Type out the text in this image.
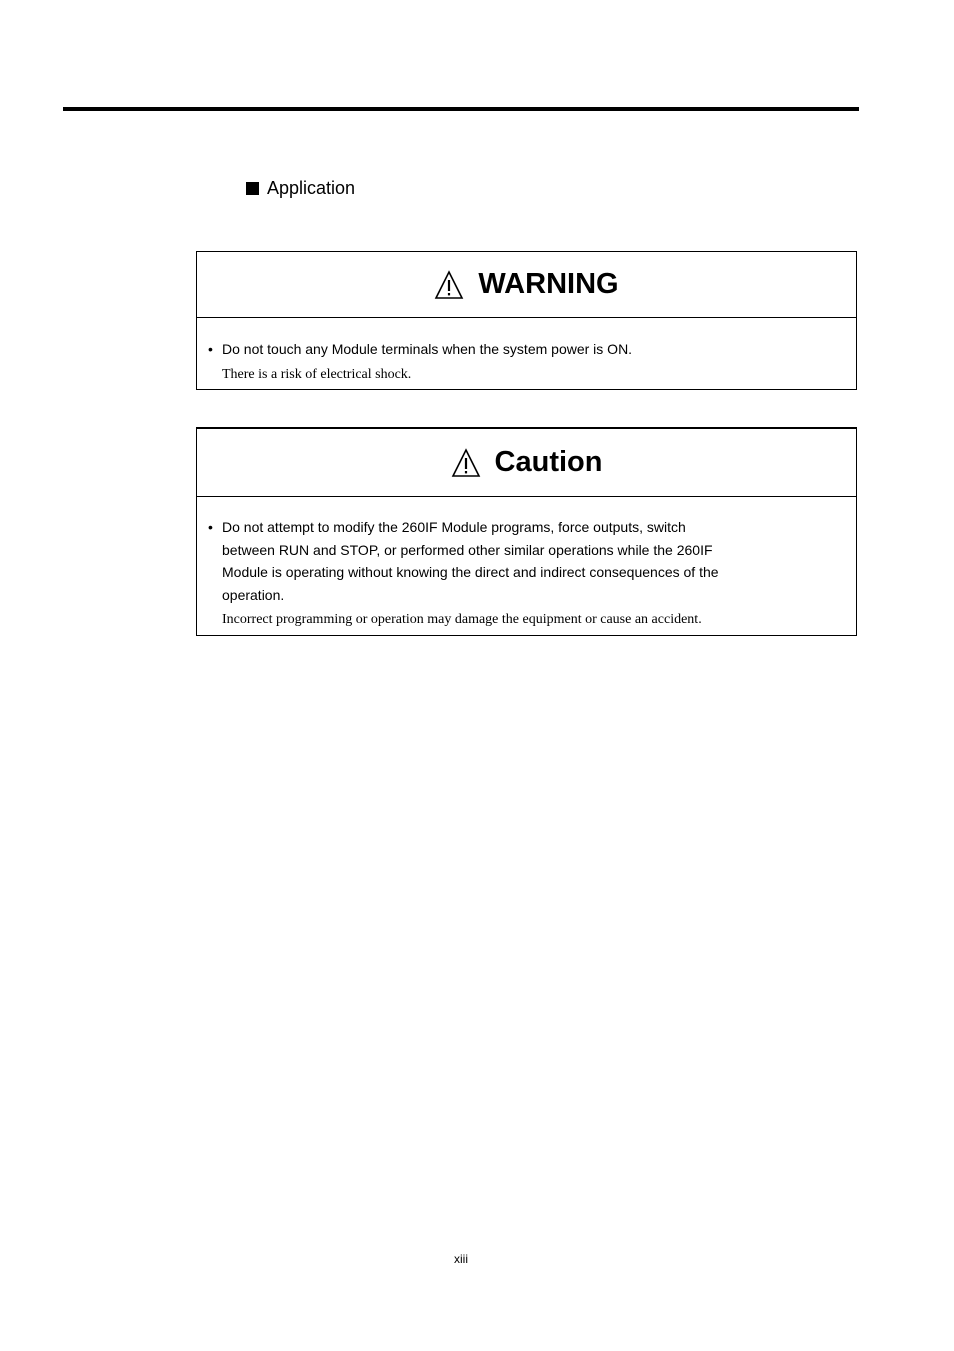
Application
WARNING
• Do not touch any Module terminals when the system power is ON.
There is a risk of electrical shock.
Caution
• Do not attempt to modify the 260IF Module programs, force outputs, switch between RUN and STOP, or performed other similar operations while the 260IF Module is operating without knowing the direct and indirect consequences of the operation.
Incorrect programming or operation may damage the equipment or cause an accident.
xiii
